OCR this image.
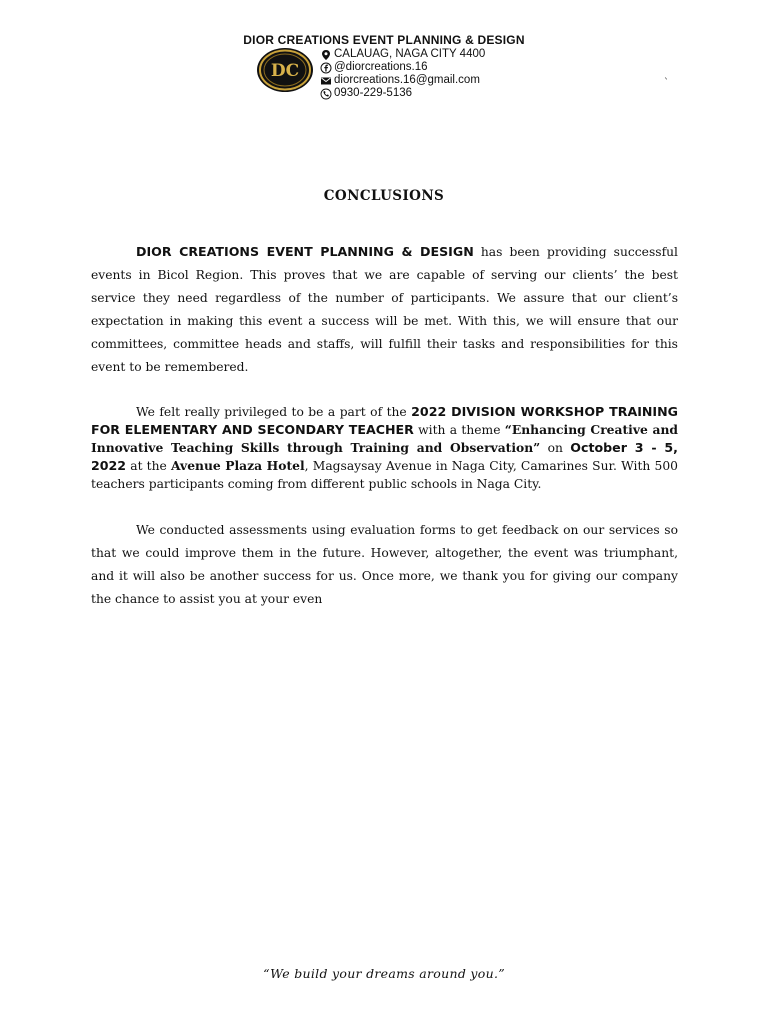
DIOR CREATIONS EVENT PLANNING & DESIGN
DC
CALAUAG, NAGA CITY 4400
@diorcreations.16
diorcreations.16@gmail.com
0930-229-5136
`
CONCLUSIONS
DIOR CREATIONS EVENT PLANNING & DESIGN has been providing successful events in Bicol Region. This proves that we are capable of serving our clients’ the best service they need regardless of the number of participants. We assure that our client’s expectation in making this event a success will be met. With this, we will ensure that our committees, committee heads and staffs, will fulfill their tasks and responsibilities for this event to be remembered.
We felt really privileged to be a part of the 2022 DIVISION WORKSHOP TRAINING FOR ELEMENTARY AND SECONDARY TEACHER with a theme “Enhancing Creative and Innovative Teaching Skills through Training and Observation” on October 3 - 5, 2022 at the Avenue Plaza Hotel, Magsaysay Avenue in Naga City, Camarines Sur. With 500 teachers participants coming from different public schools in Naga City.
We conducted assessments using evaluation forms to get feedback on our services so that we could improve them in the future. However, altogether, the event was triumphant, and it will also be another success for us. Once more, we thank you for giving our company the chance to assist you at your even
“We build your dreams around you.”
